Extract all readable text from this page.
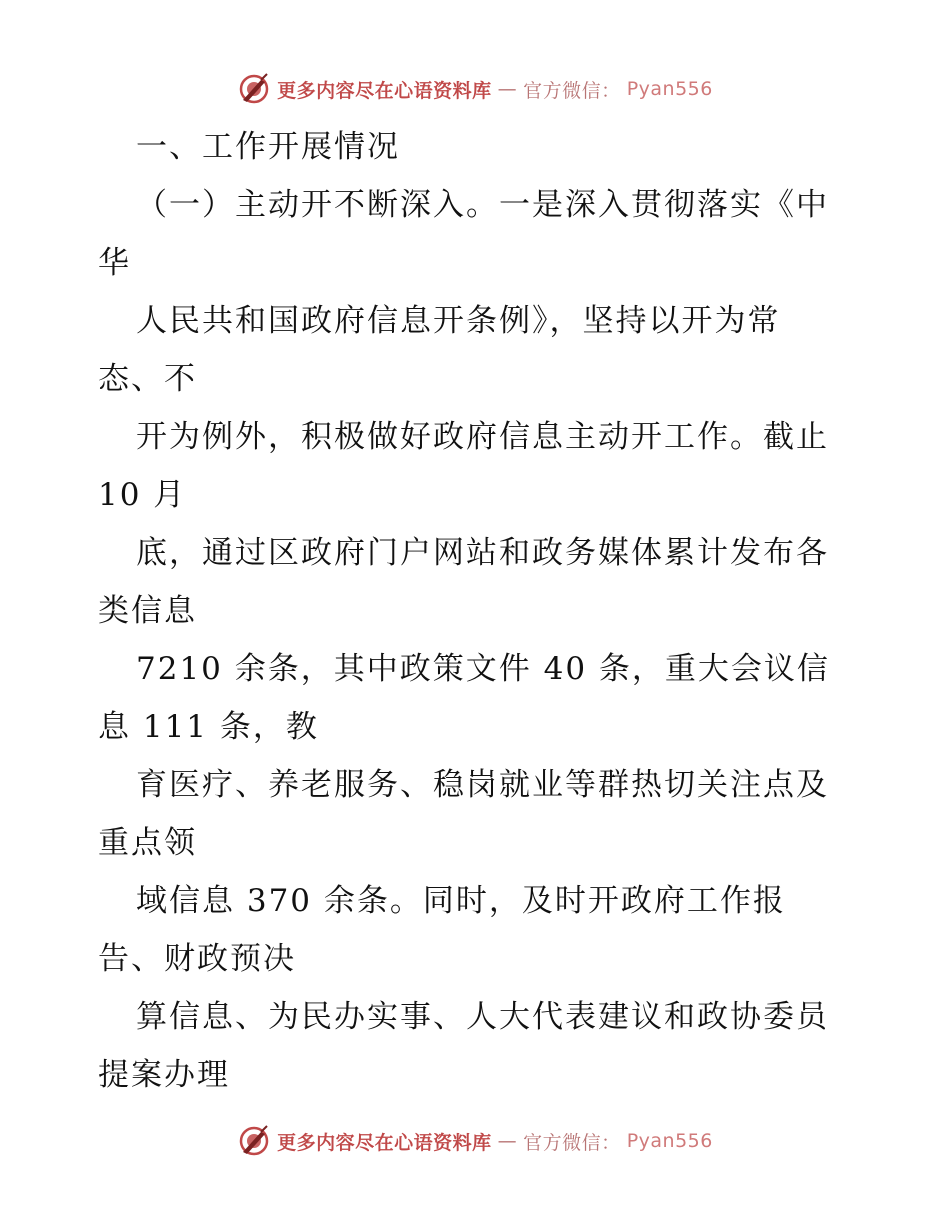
更多内容尽在心语资料库 — 官方微信： Pyan556
一、工作开展情况
（一）主动开不断深入。一是深入贯彻落实《中
华
人民共和国政府信息开条例》，坚持以开为常
态、不
开为例外，积极做好政府信息主动开工作。截止
10 月
底，通过区政府门户网站和政务媒体累计发布各
类信息
7210 余条，其中政策文件 40 条，重大会议信
息 111 条，教
育医疗、养老服务、稳岗就业等群热切关注点及
重点领
域信息 370 余条。同时，及时开政府工作报
告、财政预决
算信息、为民办实事、人大代表建议和政协委员
提案办理
更多内容尽在心语资料库 — 官方微信： Pyan556
